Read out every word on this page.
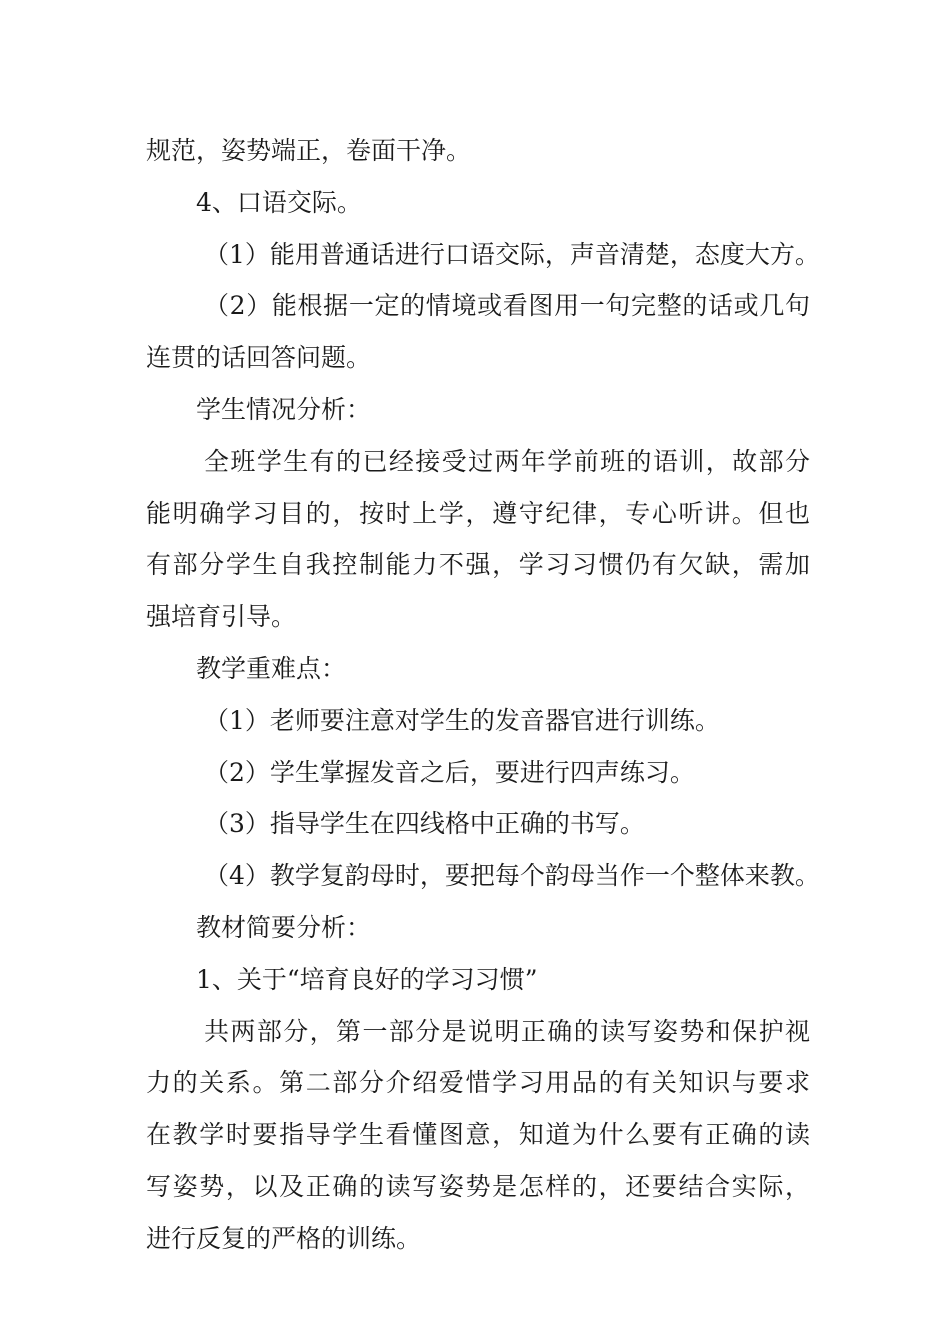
规范，姿势端正，卷面干净。
4、口语交际。
（1）能用普通话进行口语交际，声音清楚，态度大方。
（2）能根据一定的情境或看图用一句完整的话或几句
连贯的话回答问题。
学生情况分析：
全班学生有的已经接受过两年学前班的语训，故部分
能明确学习目的，按时上学，遵守纪律，专心听讲。但也
有部分学生自我控制能力不强，学习习惯仍有欠缺，需加
强培育引导。
教学重难点：
（1）老师要注意对学生的发音器官进行训练。
（2）学生掌握发音之后，要进行四声练习。
（3）指导学生在四线格中正确的书写。
（4）教学复韵母时，要把每个韵母当作一个整体来教。
教材简要分析：
1、关于“培育良好的学习习惯”
共两部分，第一部分是说明正确的读写姿势和保护视
力的关系。第二部分介绍爱惜学习用品的有关知识与要求
在教学时要指导学生看懂图意，知道为什么要有正确的读
写姿势，以及正确的读写姿势是怎样的，还要结合实际，
进行反复的严格的训练。
